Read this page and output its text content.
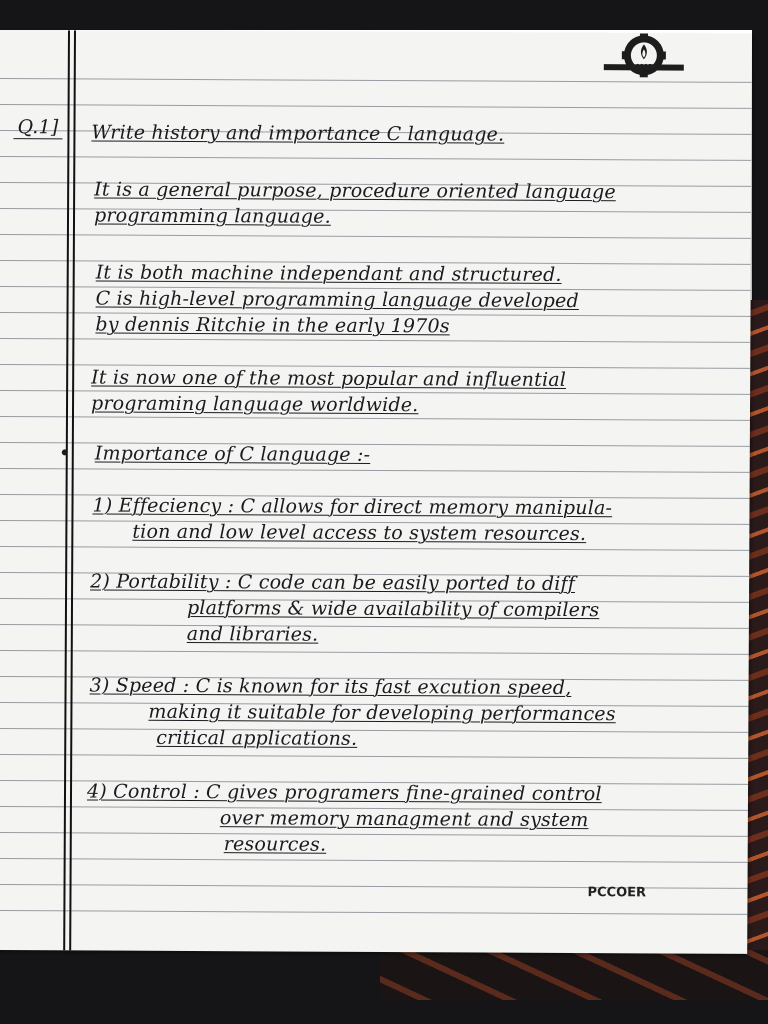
PCCOER
Q.1] Write history and importance C language.
It is a general purpose, procedure oriented language
programming language.
It is both machine independant and structured.
C is high-level programming language developed
by dennis Ritchie in the early 1970s
It is now one of the most popular and influential
programing language worldwide.
Importance of C language :-
1) Effeciency : C allows for direct memory manipula-
tion and low level access to system resources.
2) Portability : C code can be easily ported to diff
platforms & wide availability of compilers
and libraries.
3) Speed : C is known for its fast excution speed,
making it suitable for developing performances
critical applications.
4) Control : C gives programers fine-grained control
over memory managment and system
resources.
PCCOER
